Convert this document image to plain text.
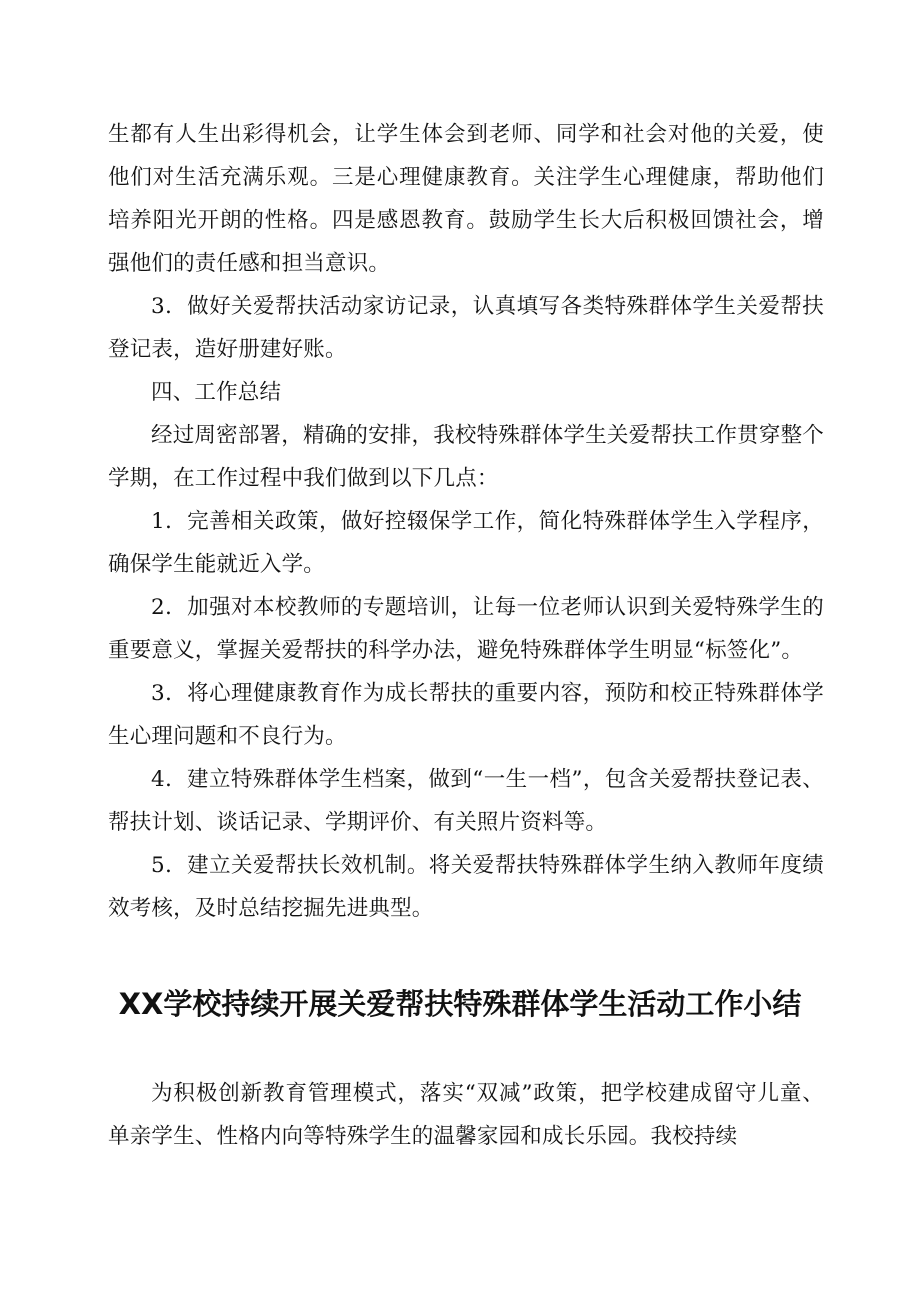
生都有人生出彩得机会，让学生体会到老师、同学和社会对他的关爱，使他们对生活充满乐观。三是心理健康教育。关注学生心理健康，帮助他们培养阳光开朗的性格。四是感恩教育。鼓励学生长大后积极回馈社会，增强他们的责任感和担当意识。

3．做好关爱帮扶活动家访记录，认真填写各类特殊群体学生关爱帮扶登记表，造好册建好账。

四、工作总结

经过周密部署，精确的安排，我校特殊群体学生关爱帮扶工作贯穿整个学期，在工作过程中我们做到以下几点：

1．完善相关政策，做好控辍保学工作，简化特殊群体学生入学程序，确保学生能就近入学。

2．加强对本校教师的专题培训，让每一位老师认识到关爱特殊学生的重要意义，掌握关爱帮扶的科学办法，避免特殊群体学生明显“标签化”。

3．将心理健康教育作为成长帮扶的重要内容，预防和校正特殊群体学生心理问题和不良行为。

4．建立特殊群体学生档案，做到“一生一档”，包含关爱帮扶登记表、帮扶计划、谈话记录、学期评价、有关照片资料等。

5．建立关爱帮扶长效机制。将关爱帮扶特殊群体学生纳入教师年度绩效考核，及时总结挖掘先进典型。

XX学校持续开展关爱帮扶特殊群体学生活动工作小结

为积极创新教育管理模式，落实“双减”政策，把学校建成留守儿童、单亲学生、性格内向等特殊学生的温馨家园和成长乐园。我校持续
